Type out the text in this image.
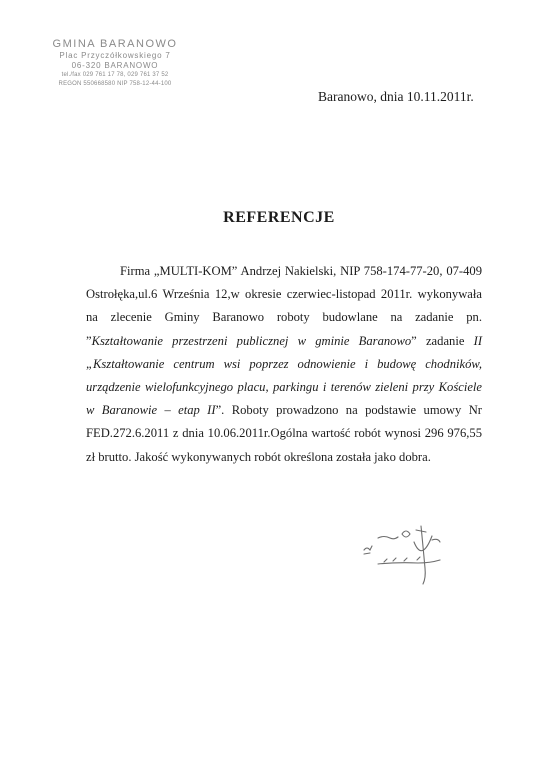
GMINA BARANOWO
Plac Przyczółkowskiego 7
06-320 BARANOWO
tel./fax 029 761 17 78, 029 761 37 52
REGON 550668580 NIP 758-12-44-100
Baranowo, dnia 10.11.2011r.
REFERENCJE

Firma „MULTI-KOM” Andrzej Nakielski, NIP 758-174-77-20, 07-409 Ostrołęka,ul.6 Września 12,w okresie czerwiec-listopad 2011r. wykonywała na zlecenie Gminy Baranowo roboty budowlane na zadanie pn. ”Kształtowanie przestrzeni publicznej w gminie Baranowo” zadanie II „Kształtowanie centrum wsi poprzez odnowienie i budowę chodników, urządzenie wielofunkcyjnego placu, parkingu i terenów zieleni przy Kościele w Baranowie – etap II”. Roboty prowadzono na podstawie umowy Nr FED.272.6.2011 z dnia 10.06.2011r.Ogólna wartość robót wynosi 296 976,55 zł brutto. Jakość wykonywanych robót określona została jako dobra.
